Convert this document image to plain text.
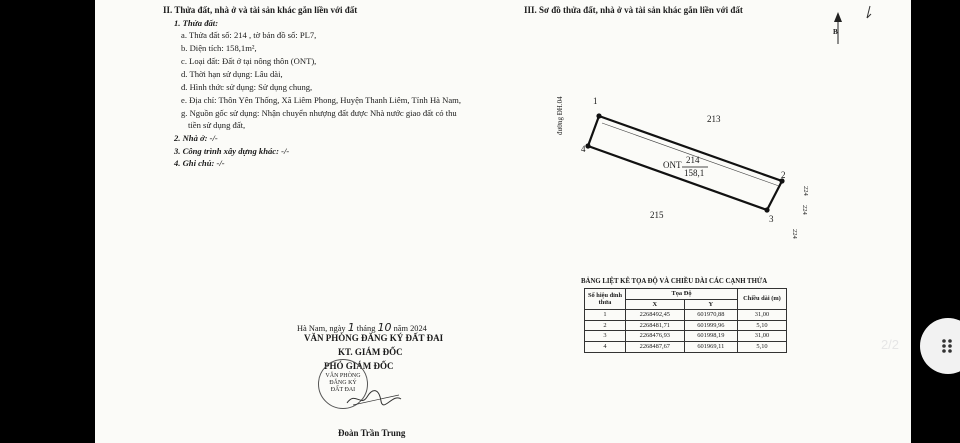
II. Thửa đất, nhà ở và tài sản khác gắn liền với đất
1. Thửa đất:
a. Thửa đất số: 214 , tờ bản đồ số: PL7,
b. Diện tích: 158,1m²,
c. Loại đất: Đất ở tại nông thôn (ONT),
d. Thời hạn sử dụng: Lâu dài,
đ. Hình thức sử dụng: Sử dụng chung,
e. Địa chỉ: Thôn Yên Thống, Xã Liêm Phong, Huyện Thanh Liêm, Tỉnh Hà Nam,
g. Nguồn gốc sử dụng: Nhận chuyển nhượng đất được Nhà nước giao đất có thu
tiền sử dụng đất,
2. Nhà ở: -/-
3. Công trình xây dựng khác: -/-
4. Ghi chú: -/-
Hà Nam, ngày 1 tháng 10 năm 2024
VĂN PHÒNG ĐĂNG KÝ ĐẤT ĐAI
KT. GIÁM ĐỐC
PHÓ GIÁM ĐỐC
VĂN PHÒNG
ĐĂNG KÝ
ĐẤT ĐAI
Đoàn Trần Trung
III. Sơ đồ thửa đất, nhà ở và tài sản khác gắn liền với đất
1
2
3
4
đường ĐH.04
ONT 214
158,1
213
215
224
224
224
B
BẢNG LIỆT KÊ TỌA ĐỘ VÀ CHIỀU DÀI CÁC CẠNH THỬA
Số hiệu đỉnh thửa	Tọa Độ		Chiều dài (m)
	X	Y	
1	2268492,45	601970,88	31,00
2	2268481,71	601999,96	5,10
3	2268476,93	601998,19	31,00
4	2268487,67	601969,11	5,10	2/2
